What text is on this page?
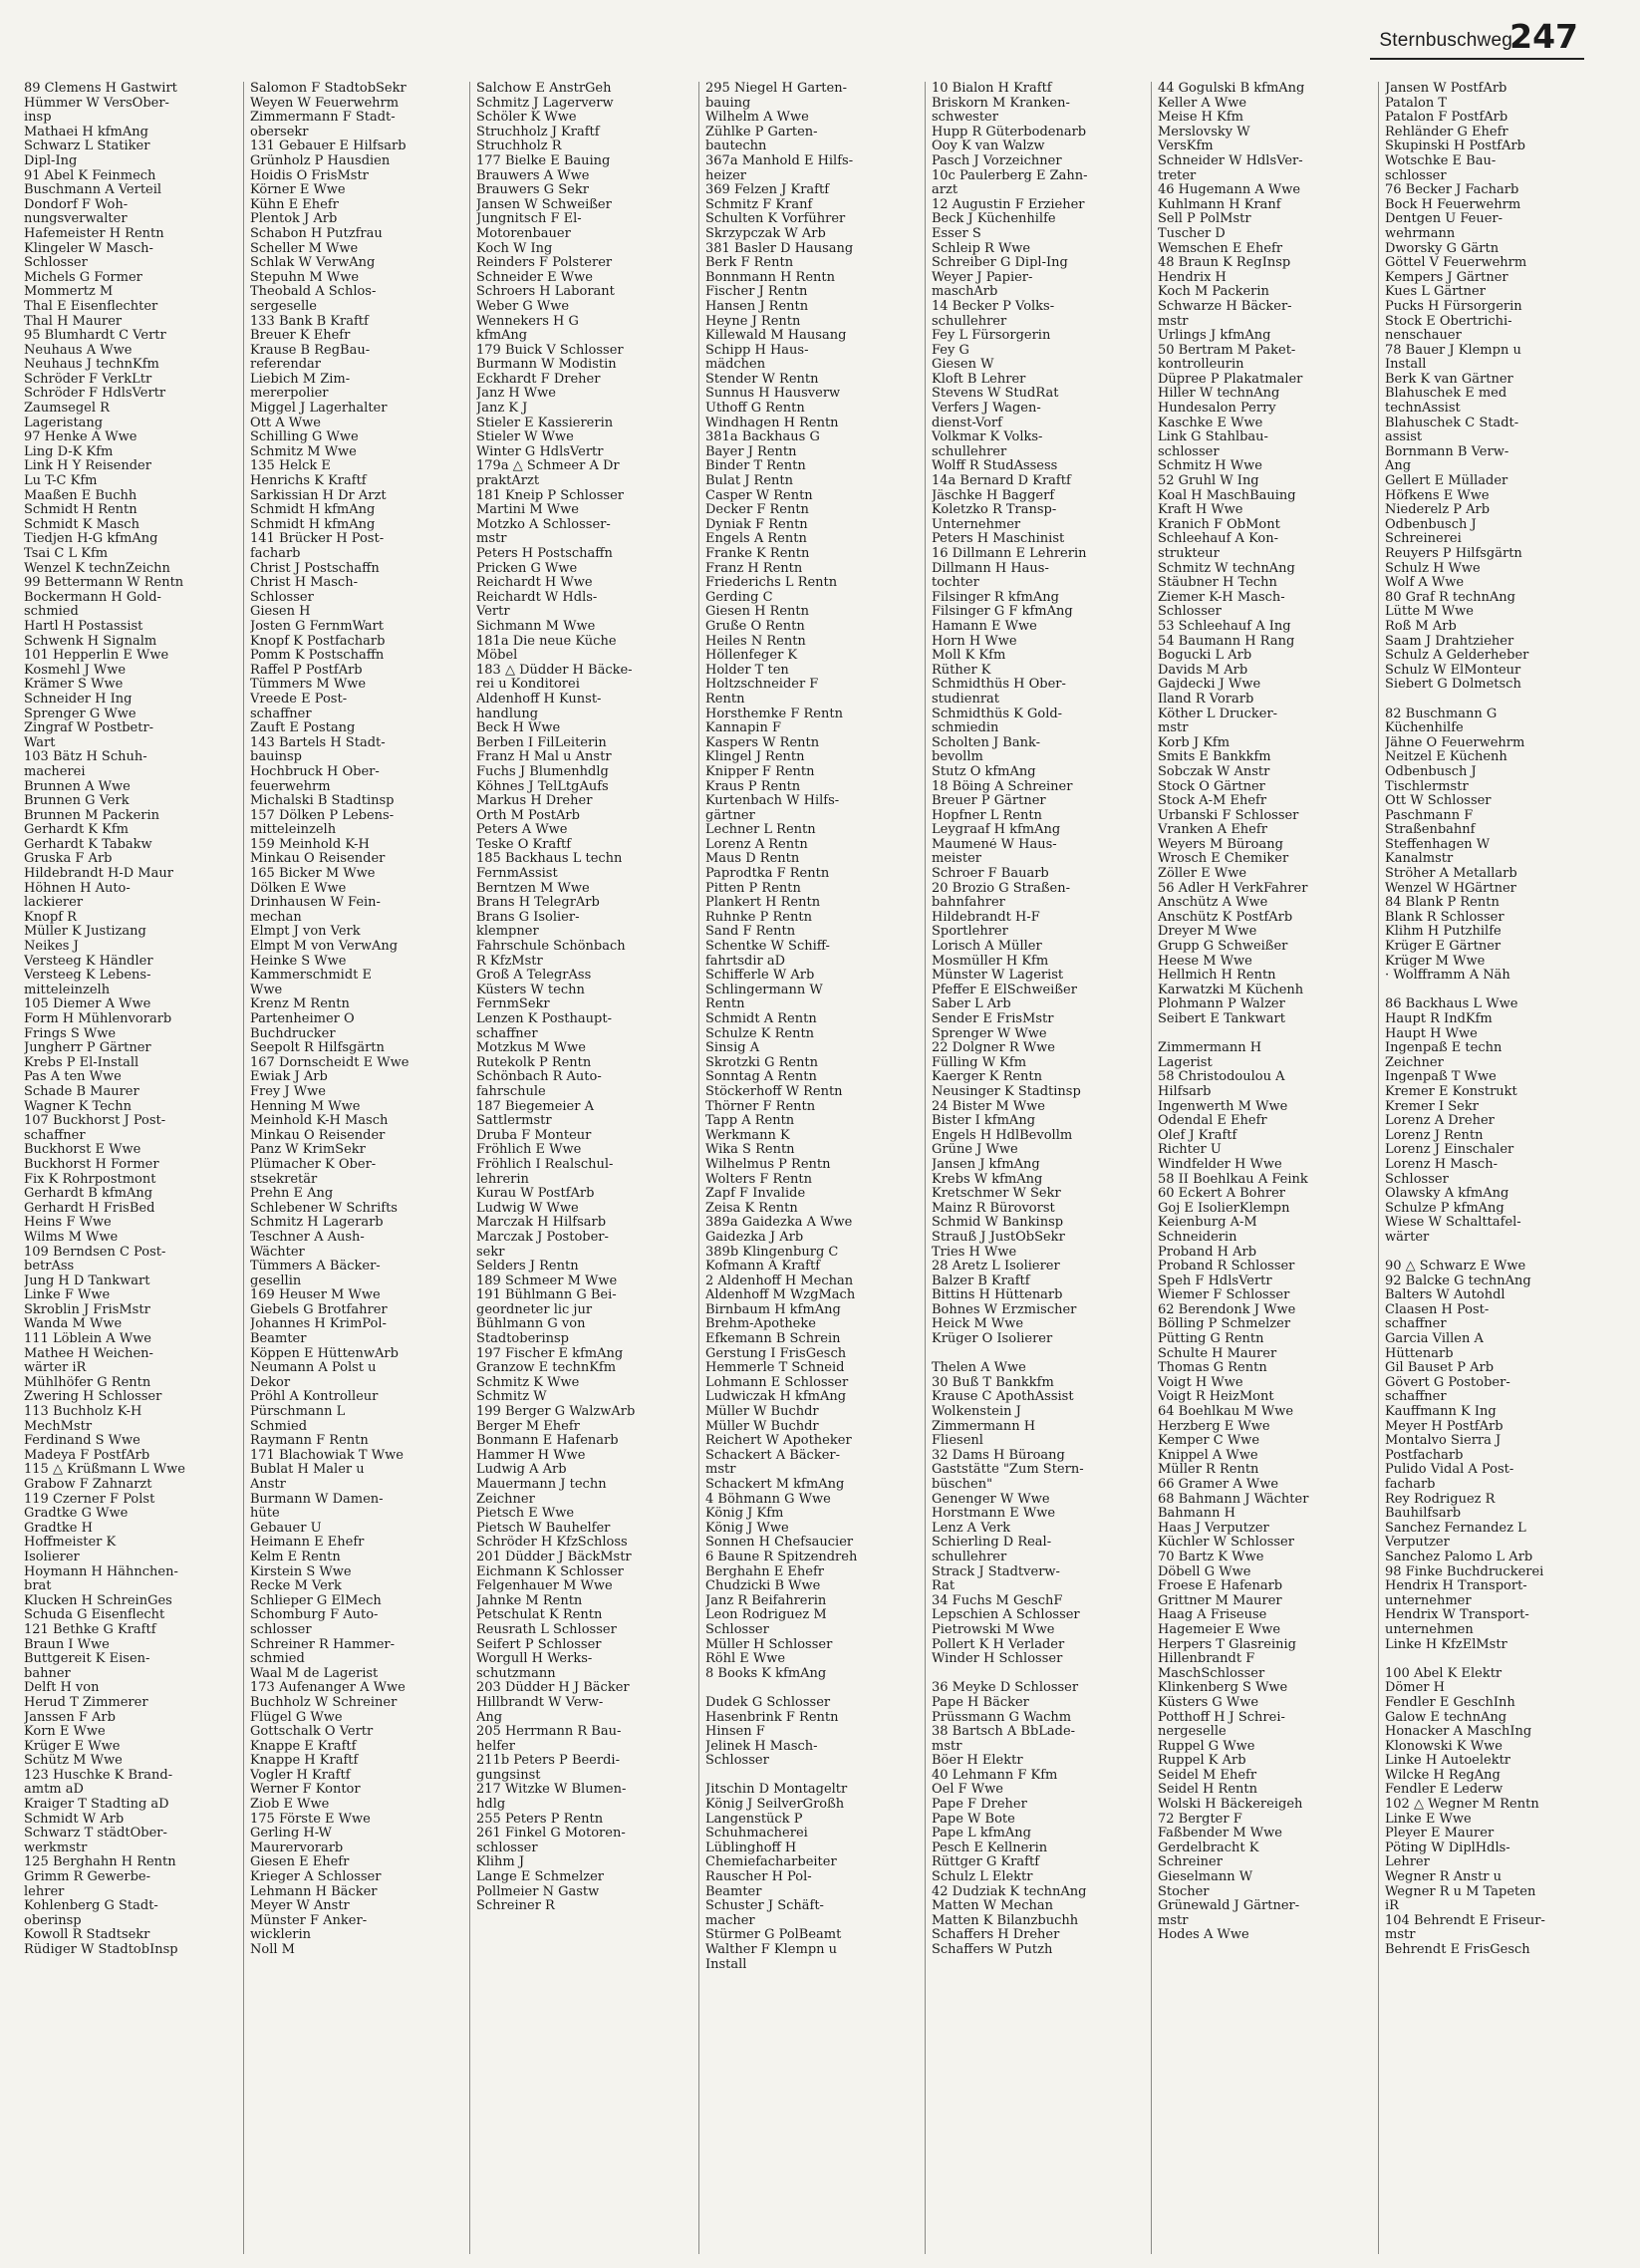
Sternbuschweg
247
89 Clemens H Gastwirt
Hümmer W VersOber-
insp
Mathaei H kfmAng
Schwarz L Statiker
Dipl-Ing
91 Abel K Feinmech
Buschmann A Verteil
Dondorf F Woh-
nungsverwalter
Hafemeister H Rentn
Klingeler W Masch-
Schlosser
Michels G Former
Mommertz M
Thal E Eisenflechter
Thal H Maurer
95 Blumhardt C Vertr
Neuhaus A Wwe
Neuhaus J technKfm
Schröder F VerkLtr
Schröder F HdlsVertr
Zaumsegel R
Lageristang
97 Henke A Wwe
Ling D-K Kfm
Link H Y Reisender
Lu T-C Kfm
Maaßen E Buchh
Schmidt H Rentn
Schmidt K Masch
Tiedjen H-G kfmAng
Tsai C L Kfm
Wenzel K technZeichn
99 Bettermann W Rentn
Bockermann H Gold-
schmied
Hartl H Postassist
Schwenk H Signalm
101 Hepperlin E Wwe
Kosmehl J Wwe
Krämer S Wwe
Schneider H Ing
Sprenger G Wwe
Zingraf W Postbetr-
Wart
103 Bätz H Schuh-
macherei
Brunnen A Wwe
Brunnen G Verk
Brunnen M Packerin
Gerhardt K Kfm
Gerhardt K Tabakw
Gruska F Arb
Hildebrandt H-D Maur
Höhnen H Auto-
lackierer
Knopf R
Müller K Justizang
Neikes J
Versteeg K Händler
Versteeg K Lebens-
mitteleinzelh
105 Diemer A Wwe
Form H Mühlenvorarb
Frings S Wwe
Jungherr P Gärtner
Krebs P El-Install
Pas A ten Wwe
Schade B Maurer
Wagner K Techn
107 Buckhorst J Post-
schaffner
Buckhorst E Wwe
Buckhorst H Former
Fix K Rohrpostmont
Gerhardt B kfmAng
Gerhardt H FrisBed
Heins F Wwe
Wilms M Wwe
109 Berndsen C Post-
betrAss
Jung H D Tankwart
Linke F Wwe
Skroblin J FrisMstr
Wanda M Wwe
111 Löblein A Wwe
Mathee H Weichen-
wärter iR
Mühlhöfer G Rentn
Zwering H Schlosser
113 Buchholz K-H
MechMstr
Ferdinand S Wwe
Madeya F PostfArb
115 △ Krüßmann L Wwe
Grabow F Zahnarzt
119 Czerner F Polst
Gradtke G Wwe
Gradtke H
Hoffmeister K
Isolierer
Hoymann H Hähnchen-
brat
Klucken H SchreinGes
Schuda G Eisenflecht
121 Bethke G Kraftf
Braun I Wwe
Buttgereit K Eisen-
bahner
Delft H von
Herud T Zimmerer
Janssen F Arb
Korn E Wwe
Krüger E Wwe
Schütz M Wwe
123 Huschke K Brand-
amtm aD
Kraiger T Stadting aD
Schmidt W Arb
Schwarz T städtOber-
werkmstr
125 Berghahn H Rentn
Grimm R Gewerbe-
lehrer
Kohlenberg G Stadt-
oberinsp
Kowoll R Stadtsekr
Rüdiger W StadtobInsp
Salomon F StadtobSekr
Weyen W Feuerwehrm
Zimmermann F Stadt-
obersekr
131 Gebauer E Hilfsarb
Grünholz P Hausdien
Hoidis O FrisMstr
Körner E Wwe
Kühn E Ehefr
Plentok J Arb
Schabon H Putzfrau
Scheller M Wwe
Schlak W VerwAng
Stepuhn M Wwe
Theobald A Schlos-
sergeselle
133 Bank B Kraftf
Breuer K Ehefr
Krause B RegBau-
referendar
Liebich M Zim-
mererpolier
Miggel J Lagerhalter
Ott A Wwe
Schilling G Wwe
Schmitz M Wwe
135 Helck E
Henrichs K Kraftf
Sarkissian H Dr Arzt
Schmidt H kfmAng
Schmidt H kfmAng
141 Brücker H Post-
facharb
Christ J Postschaffn
Christ H Masch-
Schlosser
Giesen H
Josten G FernmWart
Knopf K Postfacharb
Pomm K Postschaffn
Raffel P PostfArb
Tümmers M Wwe
Vreede E Post-
schaffner
Zauft E Postang
143 Bartels H Stadt-
bauinsp
Hochbruck H Ober-
feuerwehrm
Michalski B Stadtinsp
157 Dölken P Lebens-
mitteleinzelh
159 Meinhold K-H
Minkau O Reisender
165 Bicker M Wwe
Dölken E Wwe
Drinhausen W Fein-
mechan
Elmpt J von Verk
Elmpt M von VerwAng
Heinke S Wwe
Kammerschmidt E
Wwe
Krenz M Rentn
Partenheimer O
Buchdrucker
Seepolt R Hilfsgärtn
167 Dornscheidt E Wwe
Ewiak J Arb
Frey J Wwe
Henning M Wwe
Meinhold K-H Masch
Minkau O Reisender
Panz W KrimSekr
Plümacher K Ober-
stsekretär
Prehn E Ang
Schlebener W Schrifts
Schmitz H Lagerarb
Teschner A Aush-
Wächter
Tümmers A Bäcker-
gesellin
169 Heuser M Wwe
Giebels G Brotfahrer
Johannes H KrimPol-
Beamter
Köppen E HüttenwArb
Neumann A Polst u
Dekor
Pröhl A Kontrolleur
Pürschmann L
Schmied
Raymann F Rentn
171 Blachowiak T Wwe
Bublat H Maler u
Anstr
Burmann W Damen-
hüte
Gebauer U
Heimann E Ehefr
Kelm E Rentn
Kirstein S Wwe
Recke M Verk
Schlieper G ElMech
Schomburg F Auto-
schlosser
Schreiner R Hammer-
schmied
Waal M de Lagerist
173 Aufenanger A Wwe
Buchholz W Schreiner
Flügel G Wwe
Gottschalk O Vertr
Knappe E Kraftf
Knappe H Kraftf
Vogler H Kraftf
Werner F Kontor
Ziob E Wwe
175 Förste E Wwe
Gerling H-W
Maurervorarb
Giesen E Ehefr
Krieger A Schlosser
Lehmann H Bäcker
Meyer W Anstr
Münster F Anker-
wicklerin
Noll M
Salchow E AnstrGeh
Schmitz J Lagerverw
Schöler K Wwe
Struchholz J Kraftf
Struchholz R
177 Bielke E Bauing
Brauwers A Wwe
Brauwers G Sekr
Jansen W Schweißer
Jungnitsch F El-
Motorenbauer
Koch W Ing
Reinders F Polsterer
Schneider E Wwe
Schroers H Laborant
Weber G Wwe
Wennekers H G
kfmAng
179 Buick V Schlosser
Burmann W Modistin
Eckhardt F Dreher
Janz H Wwe
Janz K J
Stieler E Kassiererin
Stieler W Wwe
Winter G HdlsVertr
179a △ Schmeer A Dr
praktArzt
181 Kneip P Schlosser
Martini M Wwe
Motzko A Schlosser-
mstr
Peters H Postschaffn
Pricken G Wwe
Reichardt H Wwe
Reichardt W Hdls-
Vertr
Sichmann M Wwe
181a Die neue Küche
Möbel
183 △ Düdder H Bäcke-
rei u Konditorei
Aldenhoff H Kunst-
handlung
Beck H Wwe
Berben I FilLeiterin
Franz H Mal u Anstr
Fuchs J Blumenhdlg
Köhnes J TelLtgAufs
Markus H Dreher
Orth M PostArb
Peters A Wwe
Teske O Kraftf
185 Backhaus L techn
FernmAssist
Berntzen M Wwe
Brans H TelegrArb
Brans G Isolier-
klempner
Fahrschule Schönbach
R KfzMstr
Groß A TelegrAss
Küsters W techn
FernmSekr
Lenzen K Posthaupt-
schaffner
Motzkus M Wwe
Rutekolk P Rentn
Schönbach R Auto-
fahrschule
187 Biegemeier A
Sattlermstr
Druba F Monteur
Fröhlich E Wwe
Fröhlich I Realschul-
lehrerin
Kurau W PostfArb
Ludwig W Wwe
Marczak H Hilfsarb
Marczak J Postober-
sekr
Selders J Rentn
189 Schmeer M Wwe
191 Bühlmann G Bei-
geordneter lic jur
Bühlmann G von
Stadtoberinsp
197 Fischer E kfmAng
Granzow E technKfm
Schmitz K Wwe
Schmitz W
199 Berger G WalzwArb
Berger M Ehefr
Bonmann E Hafenarb
Hammer H Wwe
Ludwig A Arb
Mauermann J techn
Zeichner
Pietsch E Wwe
Pietsch W Bauhelfer
Schröder H KfzSchloss
201 Düdder J BäckMstr
Eichmann K Schlosser
Felgenhauer M Wwe
Jahnke M Rentn
Petschulat K Rentn
Reusrath L Schlosser
Seifert P Schlosser
Worgull H Werks-
schutzmann
203 Düdder H J Bäcker
Hillbrandt W Verw-
Ang
205 Herrmann R Bau-
helfer
211b Peters P Beerdi-
gungsinst
217 Witzke W Blumen-
hdlg
255 Peters P Rentn
261 Finkel G Motoren-
schlosser
Klihm J
Lange E Schmelzer
Pollmeier N Gastw
Schreiner R
295 Niegel H Garten-
bauing
Wilhelm A Wwe
Zühlke P Garten-
bautechn
367a Manhold E Hilfs-
heizer
369 Felzen J Kraftf
Schmitz F Kranf
Schulten K Vorführer
Skrzypczak W Arb
381 Basler D Hausang
Berk F Rentn
Bonnmann H Rentn
Fischer J Rentn
Hansen J Rentn
Heyne J Rentn
Killewald M Hausang
Schipp H Haus-
mädchen
Stender W Rentn
Sunnus H Hausverw
Uthoff G Rentn
Windhagen H Rentn
381a Backhaus G
Bayer J Rentn
Binder T Rentn
Bulat J Rentn
Casper W Rentn
Decker F Rentn
Dyniak F Rentn
Engels A Rentn
Franke K Rentn
Franz H Rentn
Friederichs L Rentn
Gerding C
Giesen H Rentn
Gruße O Rentn
Heiles N Rentn
Höllenfeger K
Holder T ten
Holtzschneider F
Rentn
Horsthemke F Rentn
Kannapin F
Kaspers W Rentn
Klingel J Rentn
Knipper F Rentn
Kraus P Rentn
Kurtenbach W Hilfs-
gärtner
Lechner L Rentn
Lorenz A Rentn
Maus D Rentn
Paprodtka F Rentn
Pitten P Rentn
Plankert H Rentn
Ruhnke P Rentn
Sand F Rentn
Schentke W Schiff-
fahrtsdir aD
Schifferle W Arb
Schlingermann W
Rentn
Schmidt A Rentn
Schulze K Rentn
Sinsig A
Skrotzki G Rentn
Sonntag A Rentn
Stöckerhoff W Rentn
Thörner F Rentn
Tapp A Rentn
Werkmann K
Wika S Rentn
Wilhelmus P Rentn
Wolters F Rentn
Zapf F Invalide
Zeisa K Rentn
389a Gaidezka A Wwe
Gaidezka J Arb
389b Klingenburg C
Kofmann A Kraftf
2 Aldenhoff H Mechan
Aldenhoff M WzgMach
Birnbaum H kfmAng
Brehm-Apotheke
Efkemann B Schrein
Gerstung I FrisGesch
Hemmerle T Schneid
Lohmann E Schlosser
Ludwiczak H kfmAng
Müller W Buchdr
Müller W Buchdr
Reichert W Apotheker
Schackert A Bäcker-
mstr
Schackert M kfmAng
4 Böhmann G Wwe
König J Kfm
König J Wwe
Sonnen H Chefsaucier
6 Baune R Spitzendreh
Berghahn E Ehefr
Chudzicki B Wwe
Janz R Beifahrerin
Leon Rodriguez M
Schlosser
Müller H Schlosser
Röhl E Wwe
8 Books K kfmAng

Dudek G Schlosser
Hasenbrink F Rentn
Hinsen F
Jelinek H Masch-
Schlosser

Jitschin D Montageltr
König J SeilverGroßh
Langenstück P
Schuhmacherei
Lüblinghoff H
Chemiefacharbeiter
Rauscher H Pol-
Beamter
Schuster J Schäft-
macher
Stürmer G PolBeamt
Walther F Klempn u
Install
10 Bialon H Kraftf
Briskorn M Kranken-
schwester
Hupp R Güterbodenarb
Ooy K van Walzw
Pasch J Vorzeichner
10c Paulerberg E Zahn-
arzt
12 Augustin F Erzieher
Beck J Küchenhilfe
Esser S
Schleip R Wwe
Schreiber G Dipl-Ing
Weyer J Papier-
maschArb
14 Becker P Volks-
schullehrer
Fey L Fürsorgerin
Fey G
Giesen W
Kloft B Lehrer
Stevens W StudRat
Verfers J Wagen-
dienst-Vorf
Volkmar K Volks-
schullehrer
Wolff R StudAssess
14a Bernard D Kraftf
Jäschke H Baggerf
Koletzko R Transp-
Unternehmer
Peters H Maschinist
16 Dillmann E Lehrerin
Dillmann H Haus-
tochter
Filsinger R kfmAng
Filsinger G F kfmAng
Hamann E Wwe
Horn H Wwe
Moll K Kfm
Rüther K
Schmidthüs H Ober-
studienrat
Schmidthüs K Gold-
schmiedin
Scholten J Bank-
bevollm
Stutz O kfmAng
18 Böing A Schreiner
Breuer P Gärtner
Hopfner L Rentn
Leygraaf H kfmAng
Maumené W Haus-
meister
Schroer F Bauarb
20 Brozio G Straßen-
bahnfahrer
Hildebrandt H-F
Sportlehrer
Lorisch A Müller
Mosmüller H Kfm
Münster W Lagerist
Pfeffer E ElSchweißer
Saber L Arb
Sender E FrisMstr
Sprenger W Wwe
22 Dolgner R Wwe
Fülling W Kfm
Kaerger K Rentn
Neusinger K Stadtinsp
24 Bister M Wwe
Bister I kfmAng
Engels H HdlBevollm
Grüne J Wwe
Jansen J kfmAng
Krebs W kfmAng
Kretschmer W Sekr
Mainz R Bürovorst
Schmid W Bankinsp
Strauß J JustObSekr
Tries H Wwe
28 Aretz L Isolierer
Balzer B Kraftf
Bittins H Hüttenarb
Bohnes W Erzmischer
Heick M Wwe
Krüger O Isolierer

Thelen A Wwe
30 Buß T Bankkfm
Krause C ApothAssist
Wolkenstein J
Zimmermann H
Fliesenl
32 Dams H Büroang
Gaststätte "Zum Stern-
büschen"
Genenger W Wwe
Horstmann E Wwe
Lenz A Verk
Schierling D Real-
schullehrer
Strack J Stadtverw-
Rat
34 Fuchs M GeschF
Lepschien A Schlosser
Pietrowski M Wwe
Pollert K H Verlader
Winder H Schlosser

36 Meyke D Schlosser
Pape H Bäcker
Prüssmann G Wachm
38 Bartsch A BbLade-
mstr
Böer H Elektr
40 Lehmann F Kfm
Oel F Wwe
Pape F Dreher
Pape W Bote
Pape L kfmAng
Pesch E Kellnerin
Rüttger G Kraftf
Schulz L Elektr
42 Dudziak K technAng
Matten W Mechan
Matten K Bilanzbuchh
Schaffers H Dreher
Schaffers W Putzh
44 Gogulski B kfmAng
Keller A Wwe
Meise H Kfm
Merslovsky W
VersKfm
Schneider W HdlsVer-
treter
46 Hugemann A Wwe
Kuhlmann H Kranf
Sell P PolMstr
Tuscher D
Wemschen E Ehefr
48 Braun K RegInsp
Hendrix H
Koch M Packerin
Schwarze H Bäcker-
mstr
Urlings J kfmAng
50 Bertram M Paket-
kontrolleurin
Düpree P Plakatmaler
Hiller W technAng
Hundesalon Perry
Kaschke E Wwe
Link G Stahlbau-
schlosser
Schmitz H Wwe
52 Gruhl W Ing
Koal H MaschBauing
Kraft H Wwe
Kranich F ObMont
Schleehauf A Kon-
strukteur
Schmitz W technAng
Stäubner H Techn
Ziemer K-H Masch-
Schlosser
53 Schleehauf A Ing
54 Baumann H Rang
Bogucki L Arb
Davids M Arb
Gajdecki J Wwe
Iland R Vorarb
Köther L Drucker-
mstr
Korb J Kfm
Smits E Bankkfm
Sobczak W Anstr
Stock O Gärtner
Stock A-M Ehefr
Urbanski F Schlosser
Vranken A Ehefr
Weyers M Büroang
Wrosch E Chemiker
Zöller E Wwe
56 Adler H VerkFahrer
Anschütz A Wwe
Anschütz K PostfArb
Dreyer M Wwe
Grupp G Schweißer
Heese M Wwe
Hellmich H Rentn
Karwatzki M Küchenh
Plohmann P Walzer
Seibert E Tankwart

Zimmermann H
Lagerist
58 Christodoulou A
Hilfsarb
Ingenwerth M Wwe
Odendal E Ehefr
Olef J Kraftf
Richter U
Windfelder H Wwe
58 II Boehlkau A Feink
60 Eckert A Bohrer
Goj E IsolierKlempn
Keienburg A-M
Schneiderin
Proband H Arb
Proband R Schlosser
Speh F HdlsVertr
Wiemer F Schlosser
62 Berendonk J Wwe
Bölling P Schmelzer
Pütting G Rentn
Schulte H Maurer
Thomas G Rentn
Voigt H Wwe
Voigt R HeizMont
64 Boehlkau M Wwe
Herzberg E Wwe
Kemper C Wwe
Knippel A Wwe
Müller R Rentn
66 Gramer A Wwe
68 Bahmann J Wächter
Bahmann H
Haas J Verputzer
Küchler W Schlosser
70 Bartz K Wwe
Döbell G Wwe
Froese E Hafenarb
Grittner M Maurer
Haag A Friseuse
Hagemeier E Wwe
Herpers T Glasreinig
Hillenbrandt F
MaschSchlosser
Klinkenberg S Wwe
Küsters G Wwe
Potthoff H J Schrei-
nergeselle
Ruppel G Wwe
Ruppel K Arb
Seidel M Ehefr
Seidel H Rentn
Wolski H Bäckereigeh
72 Bergter F
Faßbender M Wwe
Gerdelbracht K
Schreiner
Gieselmann W
Stocher
Grünewald J Gärtner-
mstr
Hodes A Wwe
Jansen W PostfArb
Patalon T
Patalon F PostfArb
Rehländer G Ehefr
Skupinski H PostfArb
Wotschke E Bau-
schlosser
76 Becker J Facharb
Bock H Feuerwehrm
Dentgen U Feuer-
wehrmann
Dworsky G Gärtn
Göttel V Feuerwehrm
Kempers J Gärtner
Kues L Gärtner
Pucks H Fürsorgerin
Stock E Obertrichi-
nenschauer
78 Bauer J Klempn u
Install
Berk K van Gärtner
Blahuschek E med
technAssist
Blahuschek C Stadt-
assist
Bornmann B Verw-
Ang
Gellert E Müllader
Höfkens E Wwe
Niederelz P Arb
Odbenbusch J
Schreinerei
Reuyers P Hilfsgärtn
Schulz H Wwe
Wolf A Wwe
80 Graf R technAng
Lütte M Wwe
Roß M Arb
Saam J Drahtzieher
Schulz A Gelderheber
Schulz W ElMonteur
Siebert G Dolmetsch

82 Buschmann G
Küchenhilfe
Jähne O Feuerwehrm
Neitzel E Küchenh
Odbenbusch J
Tischlermstr
Ott W Schlosser
Paschmann F
Straßenbahnf
Steffenhagen W
Kanalmstr
Ströher A Metallarb
Wenzel W HGärtner
84 Blank P Rentn
Blank R Schlosser
Klihm H Putzhilfe
Krüger E Gärtner
Krüger M Wwe
· Wolfframm A Näh

86 Backhaus L Wwe
Haupt R IndKfm
Haupt H Wwe
Ingenpaß E techn
Zeichner
Ingenpaß T Wwe
Kremer E Konstrukt
Kremer I Sekr
Lorenz A Dreher
Lorenz J Rentn
Lorenz J Einschaler
Lorenz H Masch-
Schlosser
Olawsky A kfmAng
Schulze P kfmAng
Wiese W Schalttafel-
wärter

90 △ Schwarz E Wwe
92 Balcke G technAng
Balters W Autohdl
Claasen H Post-
schaffner
Garcia Villen A
Hüttenarb
Gil Bauset P Arb
Gövert G Postober-
schaffner
Kauffmann K Ing
Meyer H PostfArb
Montalvo Sierra J
Postfacharb
Pulido Vidal A Post-
facharb
Rey Rodriguez R
Bauhilfsarb
Sanchez Fernandez L
Verputzer
Sanchez Palomo L Arb
98 Finke Buchdruckerei
Hendrix H Transport-
unternehmer
Hendrix W Transport-
unternehmen
Linke H KfzElMstr

100 Abel K Elektr
Dömer H
Fendler E GeschInh
Galow E technAng
Honacker A MaschIng
Klonowski K Wwe
Linke H Autoelektr
Wilcke H RegAng
Fendler E Lederw
102 △ Wegner M Rentn
Linke E Wwe
Pleyer E Maurer
Pöting W DiplHdls-
Lehrer
Wegner R Anstr u
Wegner R u M Tapeten
iR
104 Behrendt E Friseur-
mstr
Behrendt E FrisGesch
